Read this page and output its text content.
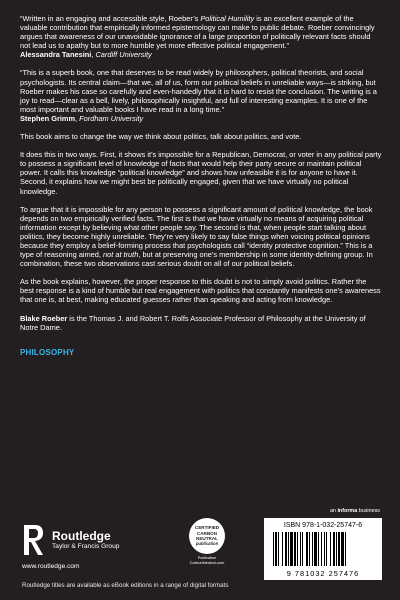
“Written in an engaging and accessible style, Roeber’s Political Humility is an excellent example of the valuable contribution that empirically informed epistemology can make to public debate. Roeber convincingly argues that awareness of our unavoidable ignorance of a large proportion of politically relevant facts should not lead us to apathy but to more humble yet more effective political engagement.”

Alessandra Tanesini, Cardiff University

“This is a superb book, one that deserves to be read widely by philosophers, political theorists, and social psychologists. Its central claim—that we, all of us, form our political beliefs in unreliable ways—is striking, but Roeber makes his case so carefully and even-handedly that it is hard to resist the conclusion. The writing is a joy to read—clear as a bell, lively, philosophically insightful, and full of interesting examples. It is one of the most important and valuable books I have read in a long time.”

Stephen Grimm, Fordham University

This book aims to change the way we think about politics, talk about politics, and vote.

It does this in two ways. First, it shows it’s impossible for a Republican, Democrat, or voter in any political party to possess a significant level of knowledge of facts that would help their party secure or maintain political power. It calls this knowledge “political knowledge” and shows how unfeasible it is for anyone to have it. Second, it explains how we might best be politically engaged, given that we have virtually no political knowledge.

To argue that it is impossible for any person to possess a significant amount of political knowledge, the book depends on two empirically verified facts. The first is that we have virtually no means of acquiring political information except by believing what other people say. The second is that, when people start talking about politics, they become highly unreliable. They’re very likely to say false things when voicing political opinions because they employ a belief-forming process that psychologists call “identity protective cognition.” This is a type of reasoning aimed, not at truth, but at preserving one’s membership in some identity-defining group. In combination, these two observations cast serious doubt on all of our political beliefs.

As the book explains, however, the proper response to this doubt is not to simply avoid politics. Rather the best response is a kind of humble but real engagement with politics that constantly manifests one’s awareness that one is, at best, making educated guesses rather than speaking and acting from knowledge.

Blake Roeber is the Thomas J. and Robert T. Rolfs Associate Professor of Philosophy at the University of Notre Dame.

PHILOSOPHY
Routledge
Taylor & Francis Group
www.routledge.com
Routledge titles are available as eBook editions in a range of digital formats
CERTIFIED
CARBON
NEUTRAL
publication
Publication
CarbonNeutral.com
an informa business
ISBN 978-1-032-25747-6
9 781032 257476
